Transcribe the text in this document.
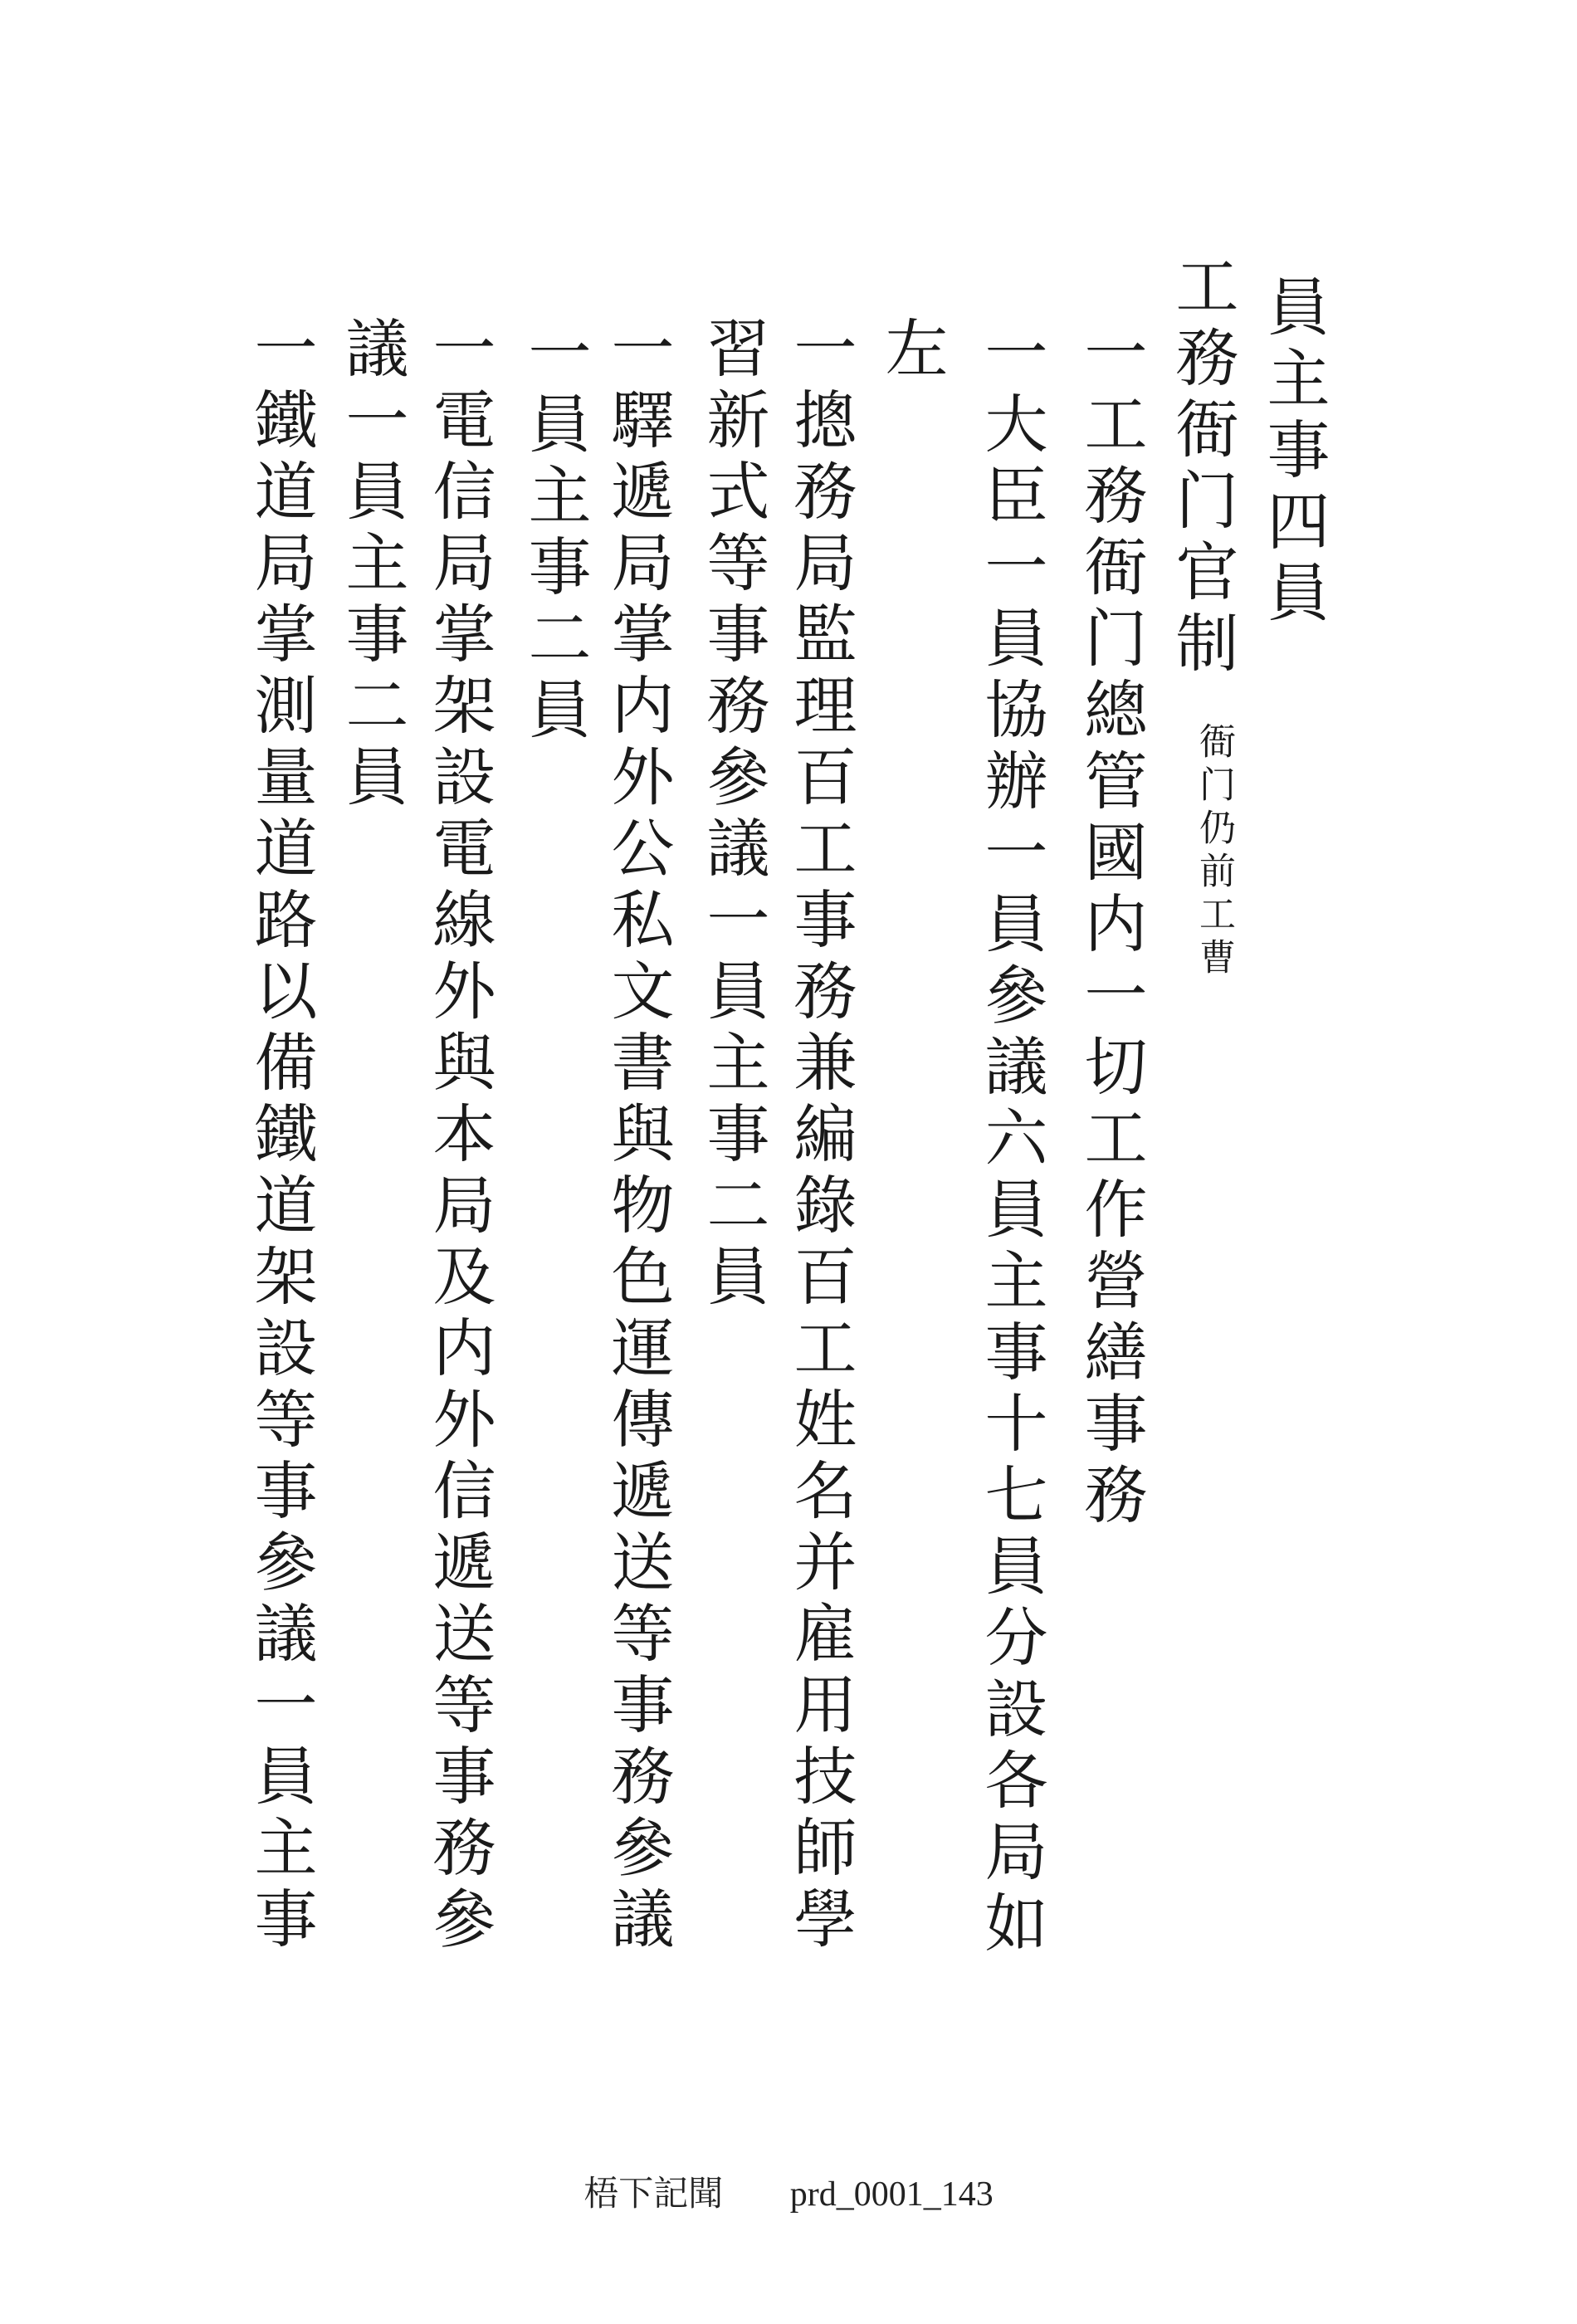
員主事四員
工務衙门官制
一工務衙门總管國内一切工作營繕事務 衙门仍前工曹
一大臣一員協辦一員參議六員主事十七員分設各局如
左
一摠務局監理百工事務兼編錄百工姓名并雇用技師學
習新式等事務參議一員主事二員
一驛遞局掌内外公私文書與物色運傳遞送等事務參議
一員主事二員
一電信局掌架設電線外與本局及内外信遞送等事務參
議一員主事二員
一鐵道局掌測量道路以備鐵道架設等事參議一員主事
梧下記聞 prd_0001_143
